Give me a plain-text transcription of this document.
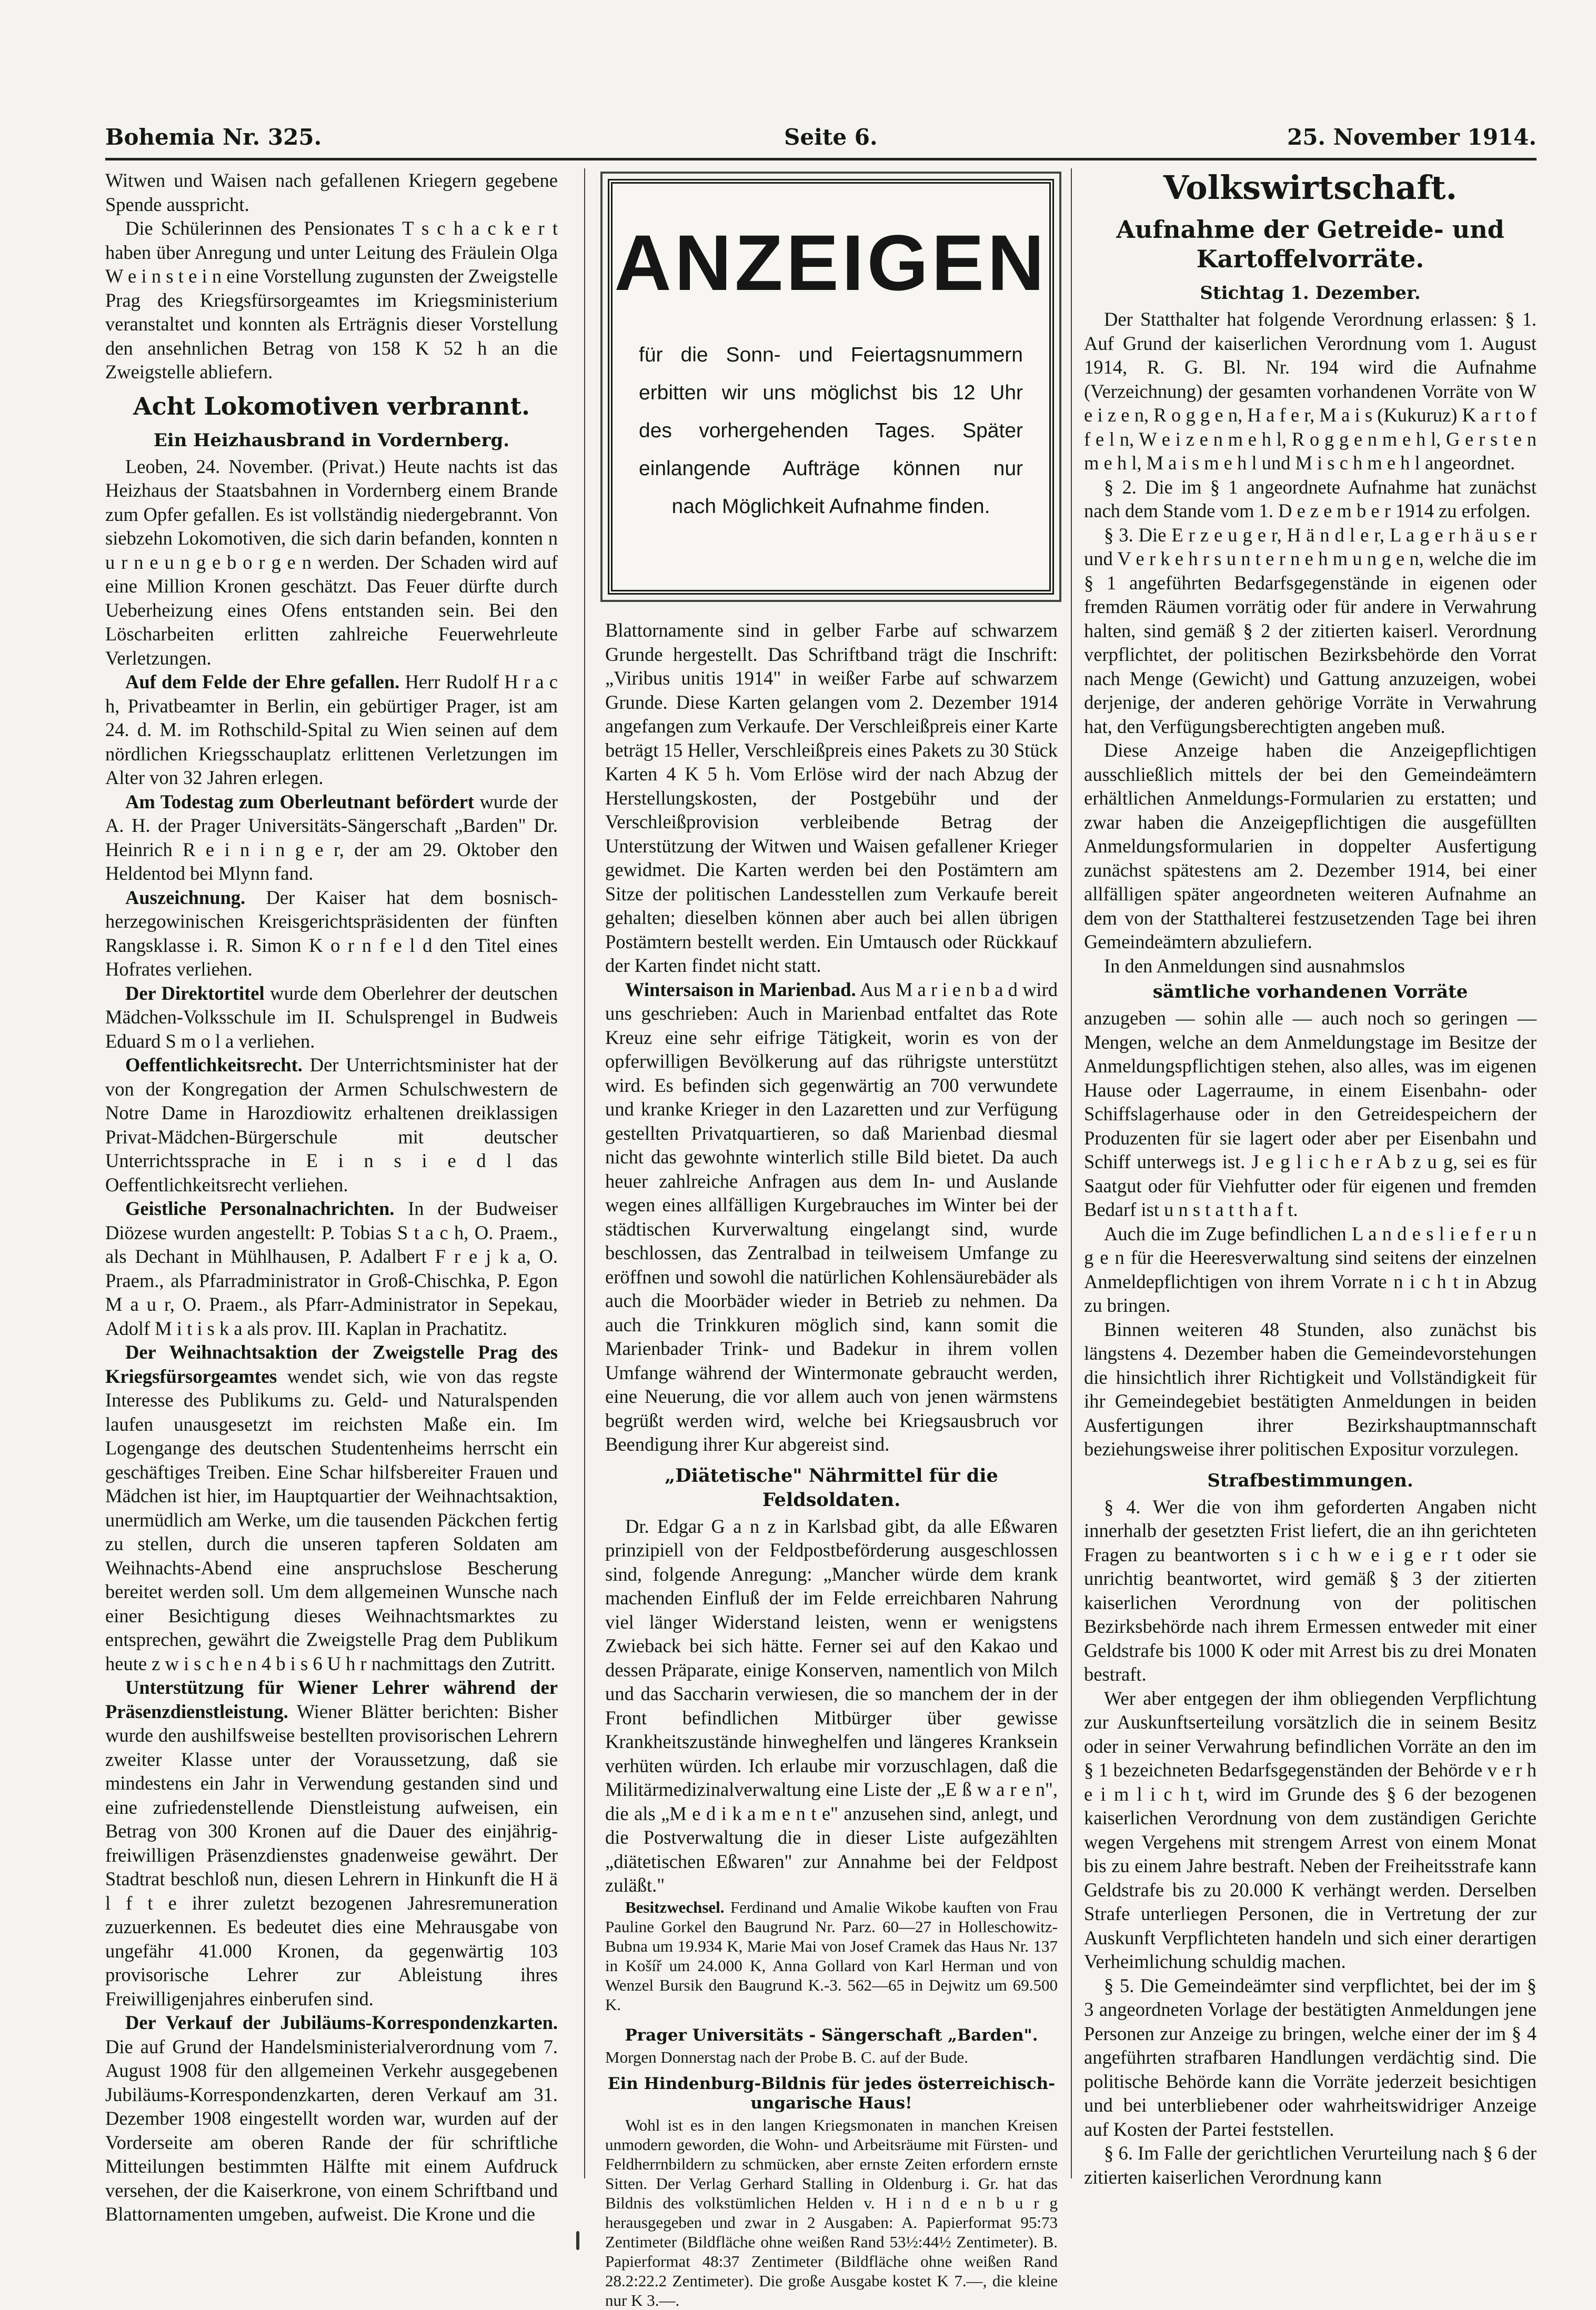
Bohemia Nr. 325.	Seite 6.	25. November 1914.

Witwen und Waisen nach gefallenen Kriegern gegebene Spende ausspricht.

Die Schülerinnen des Pensionates T s c h a c k e r t haben über Anregung und unter Leitung des Fräulein Olga W e i n s t e i n eine Vorstellung zugunsten der Zweigstelle Prag des Kriegsfürsorgeamtes im Kriegsministerium veranstaltet und konnten als Erträgnis dieser Vorstellung den ansehnlichen Betrag von 158 K 52 h an die Zweigstelle abliefern.

Acht Lokomotiven verbrannt.

Ein Heizhausbrand in Vordernberg.

Leoben, 24. November. (Privat.) Heute nachts ist das Heizhaus der Staatsbahnen in Vordernberg einem Brande zum Opfer gefallen. Es ist vollständig niedergebrannt. Von siebzehn Lokomotiven, die sich darin befanden, konnten n u r n e u n g e b o r g e n werden. Der Schaden wird auf eine Million Kronen geschätzt. Das Feuer dürfte durch Ueberheizung eines Ofens entstanden sein. Bei den Löscharbeiten erlitten zahlreiche Feuerwehrleute Verletzungen.

Auf dem Felde der Ehre gefallen. Herr Rudolf H r a c h, Privatbeamter in Berlin, ein gebürtiger Prager, ist am 24. d. M. im Rothschild-Spital zu Wien seinen auf dem nördlichen Kriegsschauplatz erlittenen Verletzungen im Alter von 32 Jahren erlegen.

Am Todestag zum Oberleutnant befördert wurde der A. H. der Prager Universitäts-Sängerschaft „Barden" Dr. Heinrich R e i n i n g e r, der am 29. Oktober den Heldentod bei Mlynn fand.

Auszeichnung. Der Kaiser hat dem bosnisch-herzegowinischen Kreisgerichtspräsidenten der fünften Rangsklasse i. R. Simon K o r n f e l d den Titel eines Hofrates verliehen.

Der Direktortitel wurde dem Oberlehrer der deutschen Mädchen-Volksschule im II. Schulsprengel in Budweis Eduard S m o l a verliehen.

Oeffentlichkeitsrecht. Der Unterrichtsminister hat der von der Kongregation der Armen Schulschwestern de Notre Dame in Harozdiowitz erhaltenen dreiklassigen Privat-Mädchen-Bürgerschule mit deutscher Unterrichtssprache in E i n s i e d l das Oeffentlichkeitsrecht verliehen.

Geistliche Personalnachrichten. In der Budweiser Diözese wurden angestellt: P. Tobias S t a c h, O. Praem., als Dechant in Mühlhausen, P. Adalbert F r e j k a, O. Praem., als Pfarradministrator in Groß-Chischka, P. Egon M a u r, O. Praem., als Pfarr-Administrator in Sepekau, Adolf M i t i s k a als prov. III. Kaplan in Prachatitz.

Der Weihnachtsaktion der Zweigstelle Prag des Kriegsfürsorgeamtes wendet sich, wie von das regste Interesse des Publikums zu. Geld- und Naturalspenden laufen unausgesetzt im reichsten Maße ein. Im Logengange des deutschen Studentenheims herrscht ein geschäftiges Treiben. Eine Schar hilfsbereiter Frauen und Mädchen ist hier, im Hauptquartier der Weihnachtsaktion, unermüdlich am Werke, um die tausenden Päckchen fertig zu stellen, durch die unseren tapferen Soldaten am Weihnachts-Abend eine anspruchslose Bescherung bereitet werden soll. Um dem allgemeinen Wunsche nach einer Besichtigung dieses Weihnachtsmarktes zu entsprechen, gewährt die Zweigstelle Prag dem Publikum heute z w i s c h e n 4 b i s 6 U h r nachmittags den Zutritt.

Unterstützung für Wiener Lehrer während der Präsenzdienstleistung. Wiener Blätter berichten: Bisher wurde den aushilfsweise bestellten provisorischen Lehrern zweiter Klasse unter der Voraussetzung, daß sie mindestens ein Jahr in Verwendung gestanden sind und eine zufriedenstellende Dienstleistung aufweisen, ein Betrag von 300 Kronen auf die Dauer des einjährig-freiwilligen Präsenzdienstes gnadenweise gewährt. Der Stadtrat beschloß nun, diesen Lehrern in Hinkunft die H ä l f t e ihrer zuletzt bezogenen Jahresremuneration zuzuerkennen. Es bedeutet dies eine Mehrausgabe von ungefähr 41.000 Kronen, da gegenwärtig 103 provisorische Lehrer zur Ableistung ihres Freiwilligenjahres einberufen sind.

Der Verkauf der Jubiläums-Korrespondenzkarten. Die auf Grund der Handelsministerialverordnung vom 7. August 1908 für den allgemeinen Verkehr ausgegebenen Jubiläums-Korrespondenzkarten, deren Verkauf am 31. Dezember 1908 eingestellt worden war, wurden auf der Vorderseite am oberen Rande der für schriftliche Mitteilungen bestimmten Hälfte mit einem Aufdruck versehen, der die Kaiserkrone, von einem Schriftband und Blattornamenten umgeben, aufweist. Die Krone und die

ANZEIGEN
für die Sonn- und Feiertagsnummern
erbitten wir uns möglichst bis 12 Uhr
des vorhergehenden Tages. Später
einlangende Aufträge können nur
nach Möglichkeit Aufnahme finden.

Blattornamente sind in gelber Farbe auf schwarzem Grunde hergestellt. Das Schriftband trägt die Inschrift: „Viribus unitis 1914" in weißer Farbe auf schwarzem Grunde. Diese Karten gelangen vom 2. Dezember 1914 angefangen zum Verkaufe. Der Verschleißpreis einer Karte beträgt 15 Heller, Verschleißpreis eines Pakets zu 30 Stück Karten 4 K 5 h. Vom Erlöse wird der nach Abzug der Herstellungskosten, der Postgebühr und der Verschleißprovision verbleibende Betrag der Unterstützung der Witwen und Waisen gefallener Krieger gewidmet. Die Karten werden bei den Postämtern am Sitze der politischen Landesstellen zum Verkaufe bereit gehalten; dieselben können aber auch bei allen übrigen Postämtern bestellt werden. Ein Umtausch oder Rückkauf der Karten findet nicht statt.

Wintersaison in Marienbad. Aus M a r i e n b a d wird uns geschrieben: Auch in Marienbad entfaltet das Rote Kreuz eine sehr eifrige Tätigkeit, worin es von der opferwilligen Bevölkerung auf das rührigste unterstützt wird. Es befinden sich gegenwärtig an 700 verwundete und kranke Krieger in den Lazaretten und zur Verfügung gestellten Privatquartieren, so daß Marienbad diesmal nicht das gewohnte winterlich stille Bild bietet. Da auch heuer zahlreiche Anfragen aus dem In- und Auslande wegen eines allfälligen Kurgebrauches im Winter bei der städtischen Kurverwaltung eingelangt sind, wurde beschlossen, das Zentralbad in teilweisem Umfange zu eröffnen und sowohl die natürlichen Kohlensäurebäder als auch die Moorbäder wieder in Betrieb zu nehmen. Da auch die Trinkkuren möglich sind, kann somit die Marienbader Trink- und Badekur in ihrem vollen Umfange während der Wintermonate gebraucht werden, eine Neuerung, die vor allem auch von jenen wärmstens begrüßt werden wird, welche bei Kriegsausbruch vor Beendigung ihrer Kur abgereist sind.

„Diätetische" Nährmittel für die Feldsoldaten.

Dr. Edgar G a n z in Karlsbad gibt, da alle Eßwaren prinzipiell von der Feldpostbeförderung ausgeschlossen sind, folgende Anregung: „Mancher würde dem krank machenden Einfluß der im Felde erreichbaren Nahrung viel länger Widerstand leisten, wenn er wenigstens Zwieback bei sich hätte. Ferner sei auf den Kakao und dessen Präparate, einige Konserven, namentlich von Milch und das Saccharin verwiesen, die so manchem der in der Front befindlichen Mitbürger über gewisse Krankheitszustände hinweghelfen und längeres Kranksein verhüten würden. Ich erlaube mir vorzuschlagen, daß die Militärmedizinalverwaltung eine Liste der „E ß w a r e n", die als „M e d i k a m e n t e" anzusehen sind, anlegt, und die Postverwaltung die in dieser Liste aufgezählten „diätetischen Eßwaren" zur Annahme bei der Feldpost zuläßt."

Besitzwechsel. Ferdinand und Amalie Wikobe kauften von Frau Pauline Gorkel den Baugrund Nr. Parz. 60—27 in Holleschowitz-Bubna um 19.934 K, Marie Mai von Josef Cramek das Haus Nr. 137 in Košíř um 24.000 K, Anna Gollard von Karl Herman und von Wenzel Bursik den Baugrund K.-3. 562—65 in Dejwitz um 69.500 K.

Prager Universitäts - Sängerschaft „Barden".

Morgen Donnerstag nach der Probe B. C. auf der Bude.

Ein Hindenburg-Bildnis für jedes österreichisch-ungarische Haus!

Wohl ist es in den langen Kriegsmonaten in manchen Kreisen unmodern geworden, die Wohn- und Arbeitsräume mit Fürsten- und Feldherrnbildern zu schmücken, aber ernste Zeiten erfordern ernste Sitten. Der Verlag Gerhard Stalling in Oldenburg i. Gr. hat das Bildnis des volkstümlichen Helden v. H i n d e n b u r g herausgegeben und zwar in 2 Ausgaben: A. Papierformat 95:73 Zentimeter (Bildfläche ohne weißen Rand 53½:44½ Zentimeter). B. Papierformat 48:37 Zentimeter (Bildfläche ohne weißen Rand 28.2:22.2 Zentimeter). Die große Ausgabe kostet K 7.—, die kleine nur K 3.—.

Volkswirtschaft.

Aufnahme der Getreide- und Kartoffelvorräte.

Stichtag 1. Dezember.

Der Statthalter hat folgende Verordnung erlassen: § 1. Auf Grund der kaiserlichen Verordnung vom 1. August 1914, R. G. Bl. Nr. 194 wird die Aufnahme (Verzeichnung) der gesamten vorhandenen Vorräte von W e i z e n, R o g g e n, H a f e r, M a i s (Kukuruz) K a r t o f f e l n, W e i z e n m e h l, R o g g e n m e h l, G e r s t e n m e h l, M a i s m e h l und M i s c h m e h l angeordnet.

§ 2. Die im § 1 angeordnete Aufnahme hat zunächst nach dem Stande vom 1. D e z e m b e r 1914 zu erfolgen.

§ 3. Die E r z e u g e r, H ä n d l e r, L a g e r h ä u s e r und V e r k e h r s u n t e r n e h m u n g e n, welche die im § 1 angeführten Bedarfsgegenstände in eigenen oder fremden Räumen vorrätig oder für andere in Verwahrung halten, sind gemäß § 2 der zitierten kaiserl. Verordnung verpflichtet, der politischen Bezirksbehörde den Vorrat nach Menge (Gewicht) und Gattung anzuzeigen, wobei derjenige, der anderen gehörige Vorräte in Verwahrung hat, den Verfügungsberechtigten angeben muß.

Diese Anzeige haben die Anzeigepflichtigen ausschließlich mittels der bei den Gemeindeämtern erhältlichen Anmeldungs-Formularien zu erstatten; und zwar haben die Anzeigepflichtigen die ausgefüllten Anmeldungsformularien in doppelter Ausfertigung zunächst spätestens am 2. Dezember 1914, bei einer allfälligen später angeordneten weiteren Aufnahme an dem von der Statthalterei festzusetzenden Tage bei ihren Gemeindeämtern abzuliefern.

In den Anmeldungen sind ausnahmslos

sämtliche vorhandenen Vorräte

anzugeben — sohin alle — auch noch so geringen — Mengen, welche an dem Anmeldungstage im Besitze der Anmeldungspflichtigen stehen, also alles, was im eigenen Hause oder Lagerraume, in einem Eisenbahn- oder Schiffslagerhause oder in den Getreidespeichern der Produzenten für sie lagert oder aber per Eisenbahn und Schiff unterwegs ist. J e g l i c h e r A b z u g, sei es für Saatgut oder für Viehfutter oder für eigenen und fremden Bedarf ist u n s t a t t h a f t.

Auch die im Zuge befindlichen L a n d e s l i e f e r u n g e n für die Heeresverwaltung sind seitens der einzelnen Anmeldepflichtigen von ihrem Vorrate n i c h t in Abzug zu bringen.

Binnen weiteren 48 Stunden, also zunächst bis längstens 4. Dezember haben die Gemeindevorstehungen die hinsichtlich ihrer Richtigkeit und Vollständigkeit für ihr Gemeindegebiet bestätigten Anmeldungen in beiden Ausfertigungen ihrer Bezirkshauptmannschaft beziehungsweise ihrer politischen Expositur vorzulegen.

Strafbestimmungen.

§ 4. Wer die von ihm geforderten Angaben nicht innerhalb der gesetzten Frist liefert, die an ihn gerichteten Fragen zu beantworten s i c h w e i g e r t oder sie unrichtig beantwortet, wird gemäß § 3 der zitierten kaiserlichen Verordnung von der politischen Bezirksbehörde nach ihrem Ermessen entweder mit einer Geldstrafe bis 1000 K oder mit Arrest bis zu drei Monaten bestraft.

Wer aber entgegen der ihm obliegenden Verpflichtung zur Auskunftserteilung vorsätzlich die in seinem Besitz oder in seiner Verwahrung befindlichen Vorräte an den im § 1 bezeichneten Bedarfsgegenständen der Behörde v e r h e i m l i c h t, wird im Grunde des § 6 der bezogenen kaiserlichen Verordnung von dem zuständigen Gerichte wegen Vergehens mit strengem Arrest von einem Monat bis zu einem Jahre bestraft. Neben der Freiheitsstrafe kann Geldstrafe bis zu 20.000 K verhängt werden. Derselben Strafe unterliegen Personen, die in Vertretung der zur Auskunft Verpflichteten handeln und sich einer derartigen Verheimlichung schuldig machen.

§ 5. Die Gemeindeämter sind verpflichtet, bei der im § 3 angeordneten Vorlage der bestätigten Anmeldungen jene Personen zur Anzeige zu bringen, welche einer der im § 4 angeführten strafbaren Handlungen verdächtig sind. Die politische Behörde kann die Vorräte jederzeit besichtigen und bei unterbliebener oder wahrheitswidriger Anzeige auf Kosten der Partei feststellen.

§ 6. Im Falle der gerichtlichen Verurteilung nach § 6 der zitierten kaiserlichen Verordnung kann
